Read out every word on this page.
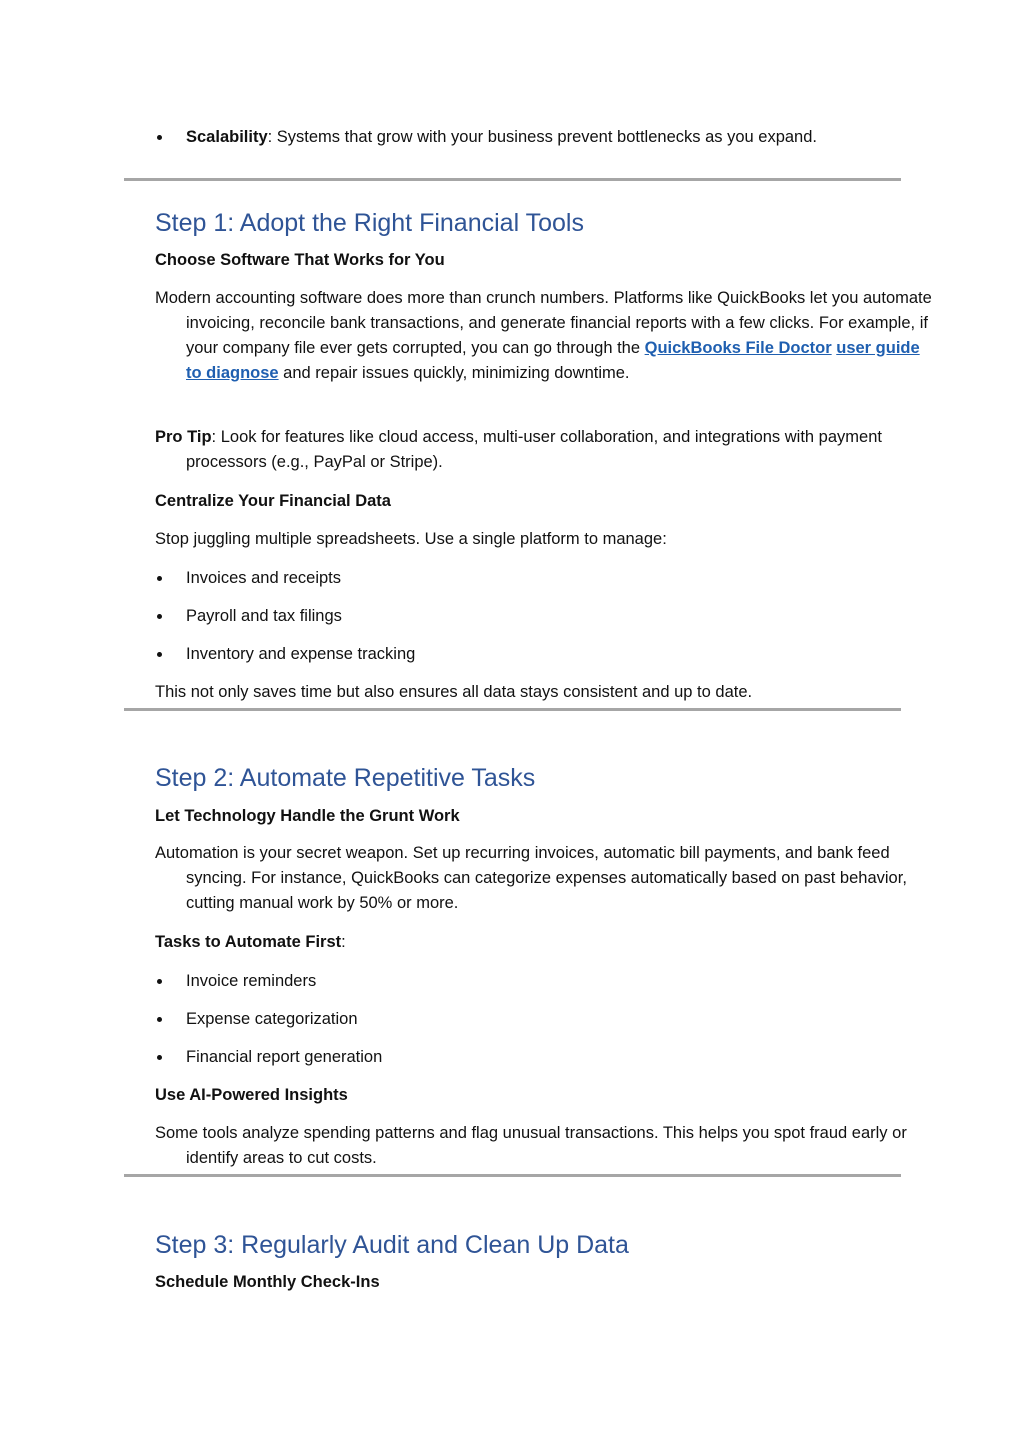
Scalability: Systems that grow with your business prevent bottlenecks as you expand.
Step 1: Adopt the Right Financial Tools
Choose Software That Works for You
Modern accounting software does more than crunch numbers. Platforms like QuickBooks let you automate invoicing, reconcile bank transactions, and generate financial reports with a few clicks. For example, if your company file ever gets corrupted, you can go through the QuickBooks File Doctor user guide to diagnose and repair issues quickly, minimizing downtime.
Pro Tip: Look for features like cloud access, multi-user collaboration, and integrations with payment processors (e.g., PayPal or Stripe).
Centralize Your Financial Data
Stop juggling multiple spreadsheets. Use a single platform to manage:
Invoices and receipts
Payroll and tax filings
Inventory and expense tracking
This not only saves time but also ensures all data stays consistent and up to date.
Step 2: Automate Repetitive Tasks
Let Technology Handle the Grunt Work
Automation is your secret weapon. Set up recurring invoices, automatic bill payments, and bank feed syncing. For instance, QuickBooks can categorize expenses automatically based on past behavior, cutting manual work by 50% or more.
Tasks to Automate First:
Invoice reminders
Expense categorization
Financial report generation
Use AI-Powered Insights
Some tools analyze spending patterns and flag unusual transactions. This helps you spot fraud early or identify areas to cut costs.
Step 3: Regularly Audit and Clean Up Data
Schedule Monthly Check-Ins
